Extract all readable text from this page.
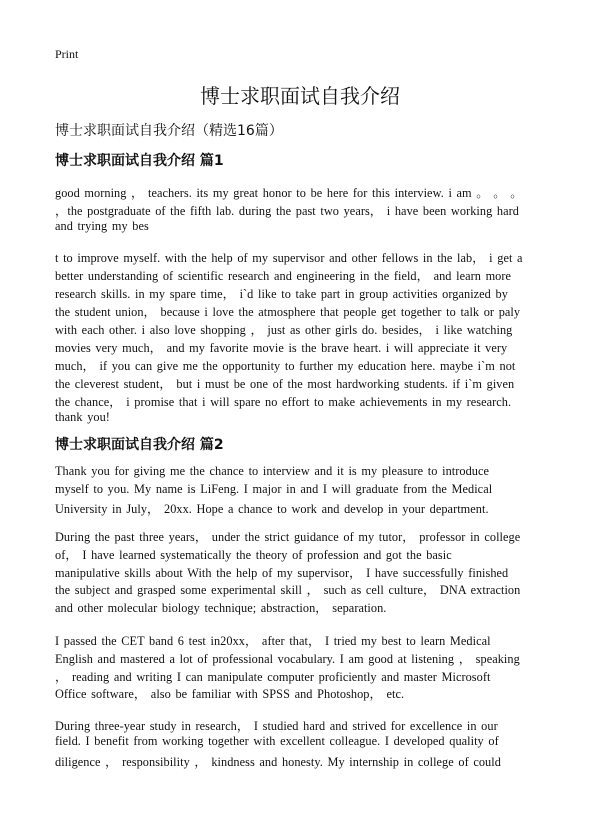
Print
博士求职面试自我介绍
博士求职面试自我介绍（精选16篇）
博士求职面试自我介绍 篇1
good morning ， teachers. its my great honor to be here for this interview. i am 。 。 。
，the postgraduate of the fifth lab. during the past two years， i have been working hard
and trying my bes
t to improve myself. with the help of my supervisor and other fellows in the lab， i get a
better understanding of scientific research and engineering in the field， and learn more
research skills. in my spare time， i`d like to take part in group activities organized by
the student union， because i love the atmosphere that people get together to talk or paly
with each other. i also love shopping ， just as other girls do. besides， i like watching
movies very much， and my favorite movie is the brave heart. i will appreciate it very
much， if you can give me the opportunity to further my education here. maybe i`m not
the cleverest student， but i must be one of the most hardworking students. if i`m given
the chance， i promise that i will spare no effort to make achievements in my research.
thank you!
博士求职面试自我介绍 篇2
Thank you for giving me the chance to interview and it is my pleasure to introduce
myself to you. My name is LiFeng. I major in and I will graduate from the Medical
University in July， 20xx. Hope a chance to work and develop in your department.
During the past three years， under the strict guidance of my tutor， professor in college
of， I have learned systematically the theory of profession and got the basic
manipulative skills about With the help of my supervisor， I have successfully finished
the subject and grasped some experimental skill ， such as cell culture， DNA extraction
and other molecular biology technique; abstraction， separation.
I passed the CET band 6 test in20xx， after that， I tried my best to learn Medical
English and mastered a lot of professional vocabulary. I am good at listening ， speaking
， reading and writing I can manipulate computer proficiently and master Microsoft
Office software， also be familiar with SPSS and Photoshop， etc.
During three-year study in research， I studied hard and strived for excellence in our
field. I benefit from working together with excellent colleague. I developed quality of
diligence ， responsibility ， kindness and honesty. My internship in college of could
